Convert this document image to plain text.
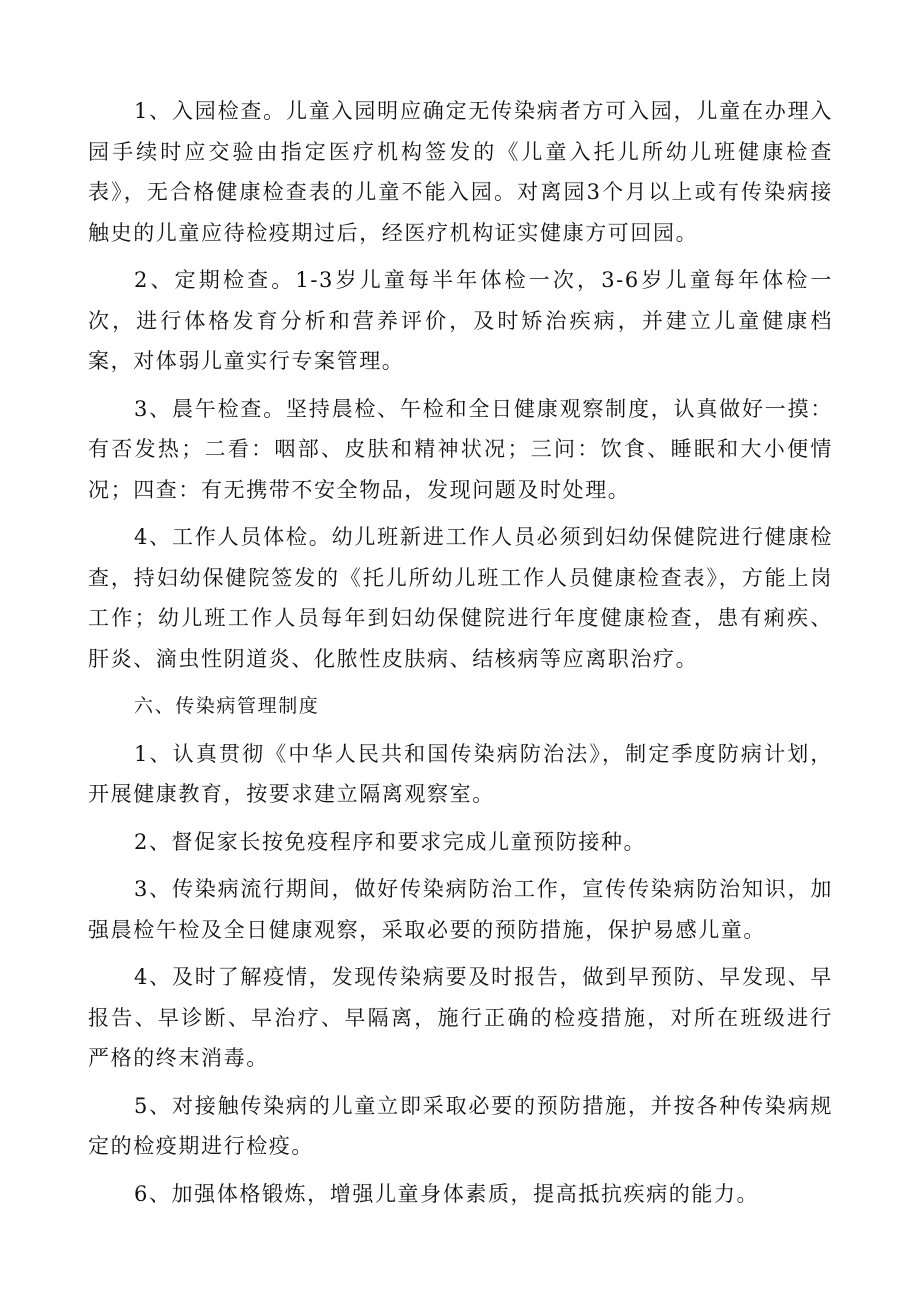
1、入园检查。儿童入园明应确定无传染病者方可入园，儿童在办理入园手续时应交验由指定医疗机构签发的《儿童入托儿所幼儿班健康检查表》，无合格健康检查表的儿童不能入园。对离园3个月以上或有传染病接触史的儿童应待检疫期过后，经医疗机构证实健康方可回园。

2、定期检查。1-3岁儿童每半年体检一次，3-6岁儿童每年体检一次，进行体格发育分析和营养评价，及时矫治疾病，并建立儿童健康档案，对体弱儿童实行专案管理。

3、晨午检查。坚持晨检、午检和全日健康观察制度，认真做好一摸：有否发热；二看：咽部、皮肤和精神状况；三问：饮食、睡眠和大小便情况；四查：有无携带不安全物品，发现问题及时处理。

4、工作人员体检。幼儿班新进工作人员必须到妇幼保健院进行健康检查，持妇幼保健院签发的《托儿所幼儿班工作人员健康检查表》，方能上岗工作；幼儿班工作人员每年到妇幼保健院进行年度健康检查，患有痢疾、肝炎、滴虫性阴道炎、化脓性皮肤病、结核病等应离职治疗。

六、传染病管理制度

1、认真贯彻《中华人民共和国传染病防治法》，制定季度防病计划，开展健康教育，按要求建立隔离观察室。

2、督促家长按免疫程序和要求完成儿童预防接种。

3、传染病流行期间，做好传染病防治工作，宣传传染病防治知识，加强晨检午检及全日健康观察，采取必要的预防措施，保护易感儿童。

4、及时了解疫情，发现传染病要及时报告，做到早预防、早发现、早报告、早诊断、早治疗、早隔离，施行正确的检疫措施，对所在班级进行严格的终末消毒。

5、对接触传染病的儿童立即采取必要的预防措施，并按各种传染病规定的检疫期进行检疫。

6、加强体格锻炼，增强儿童身体素质，提高抵抗疾病的能力。
